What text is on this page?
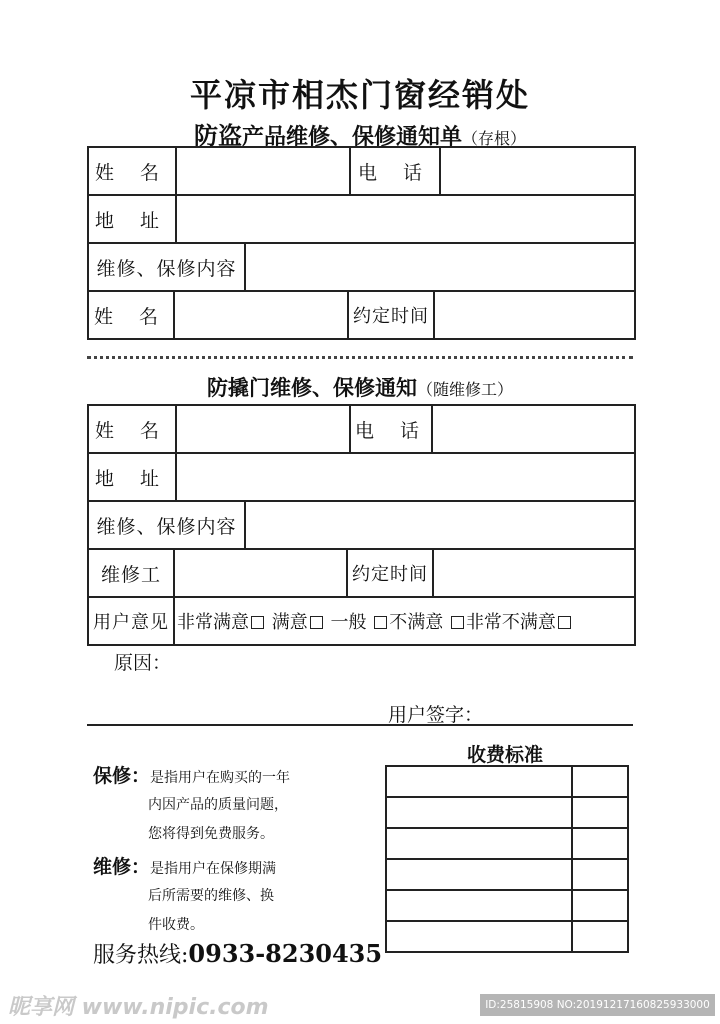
平凉市相杰门窗经销处
防盗产品维修、保修通知单（存根）
姓 名		电 话	
地 址			
维修、保修内容	
姓 名		约定时间	
防撬门维修、保修通知（随维修工）
姓 名		电 话	
地 址			
维修、保修内容	
维修工		约定时间	
用户意见	非常满意 满意 一般 不满意 非常不满意
原因：
用户签字：
收费标准

保修：是指用户在购买的一年
内因产品的质量问题，
您将得到免费服务。
维修：是指用户在保修期满
后所需要的维修、换
件收费。
服务热线:0933-8230435
昵享网 www.nipic.com	ID:25815908 NO:20191217160825933000
